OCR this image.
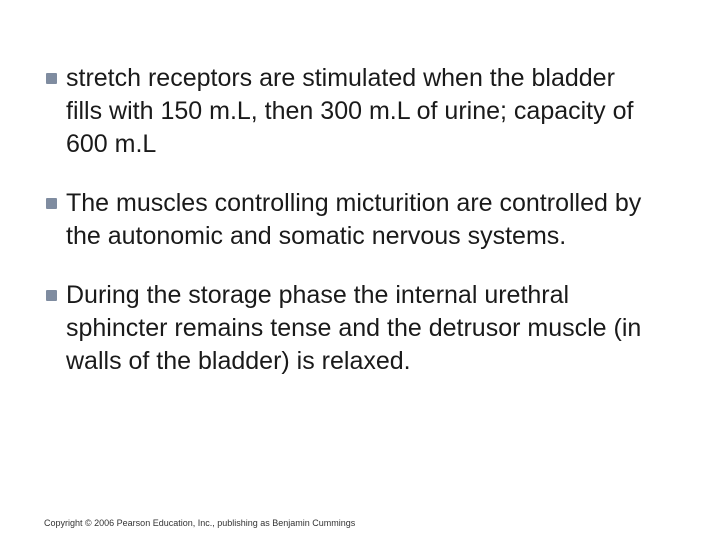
stretch receptors are stimulated when the bladder fills with 150 m.L, then 300 m.L of urine; capacity of 600 m.L
The muscles controlling micturition are controlled by the autonomic and somatic nervous systems.
During the storage phase the internal urethral sphincter remains tense and the detrusor muscle (in walls of the bladder) is relaxed.
Copyright © 2006 Pearson Education, Inc., publishing as Benjamin Cummings
